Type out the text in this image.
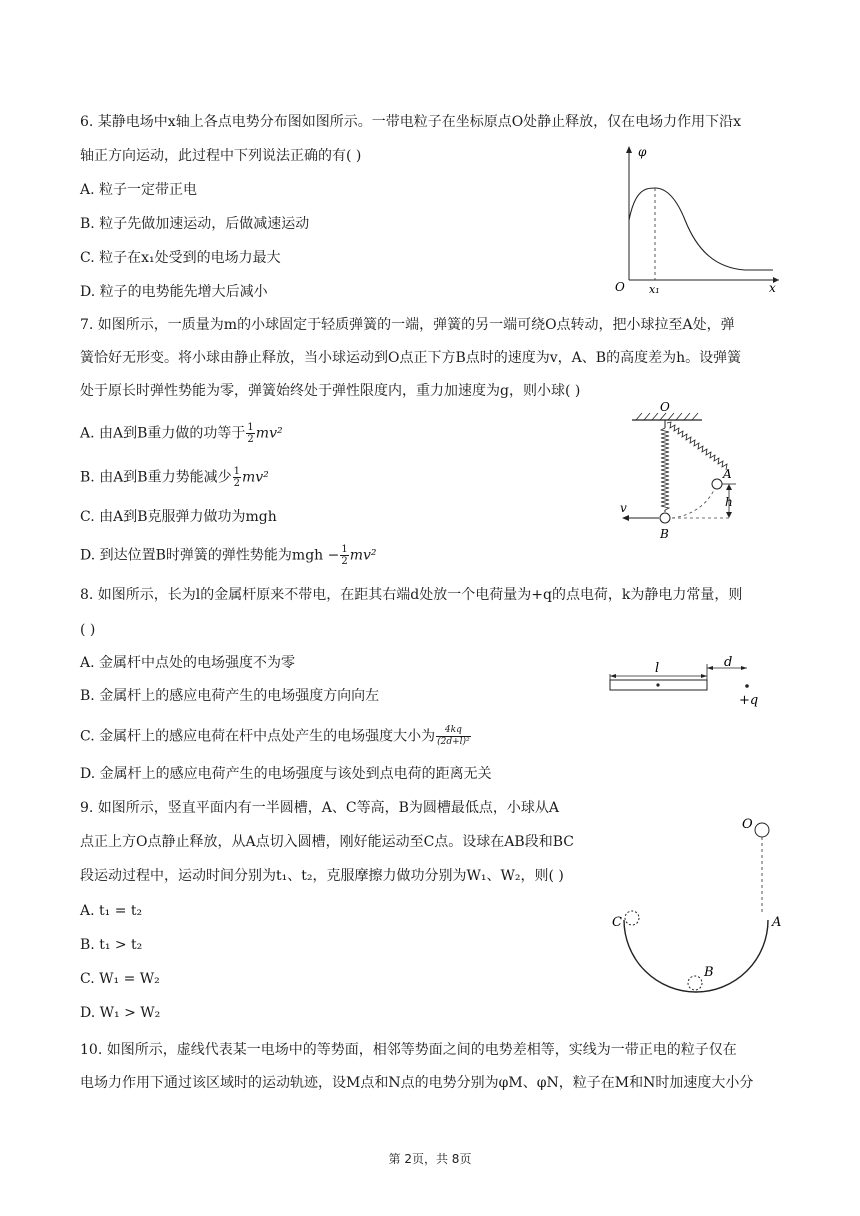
6. 某静电场中x轴上各点电势分布图如图所示。一带电粒子在坐标原点O处静止释放，仅在电场力作用下沿x
轴正方向运动，此过程中下列说法正确的有( )
A. 粒子一定带正电
B. 粒子先做加速运动，后做减速运动
C. 粒子在x₁处受到的电场力最大
D. 粒子的电势能先增大后减小
φ
O x₁	x
7. 如图所示，一质量为m的小球固定于轻质弹簧的一端，弹簧的另一端可绕O点转动，把小球拉至A处，弹
簧恰好无形变。将小球由静止释放，当小球运动到O点正下方B点时的速度为v，A、B的高度差为h。设弹簧
处于原长时弹性势能为零，弹簧始终处于弹性限度内，重力加速度为g，则小球( )
A. 由A到B重力做的功等于 $\frac{1}{2} mv^2$
B. 由A到B重力势能减少 $\frac{1}{2} mv^2$
C. 由A到B克服弹力做功为mgh
D. 到达位置B时弹簧的弹性势能为mgh − $\frac{1}{2} mv^2$
O
A
h
v
B
8. 如图所示，长为l的金属杆原来不带电，在距其右端d处放一个电荷量为+q的点电荷，k为静电力常量，则
( )
A. 金属杆中点处的电场强度不为零
B. 金属杆上的感应电荷产生的电场强度方向向左
C. 金属杆上的感应电荷在杆中点处产生的电场强度大小为 $\frac{4kq}{\text{(2d+l)²}}$
D. 金属杆上的感应电荷产生的电场强度与该处到点电荷的距离无关
l	d
+q
9. 如图所示，竖直平面内有一半圆槽，A、C等高，B为圆槽最低点，小球从A
点正上方O点静止释放，从A点切入圆槽，刚好能运动至C点。设球在AB段和BC
段运动过程中，运动时间分别为t₁、t₂，克服摩擦力做功分别为W₁、W₂，则( )
A. t₁ = t₂
B. t₁ > t₂
C. W₁ = W₂
D. W₁ > W₂
O
C	A
B
10. 如图所示，虚线代表某一电场中的等势面，相邻等势面之间的电势差相等，实线为一带正电的粒子仅在
电场力作用下通过该区域时的运动轨迹，设M点和N点的电势分别为φM、φN，粒子在M和N时加速度大小分
第 2页，共 8页
